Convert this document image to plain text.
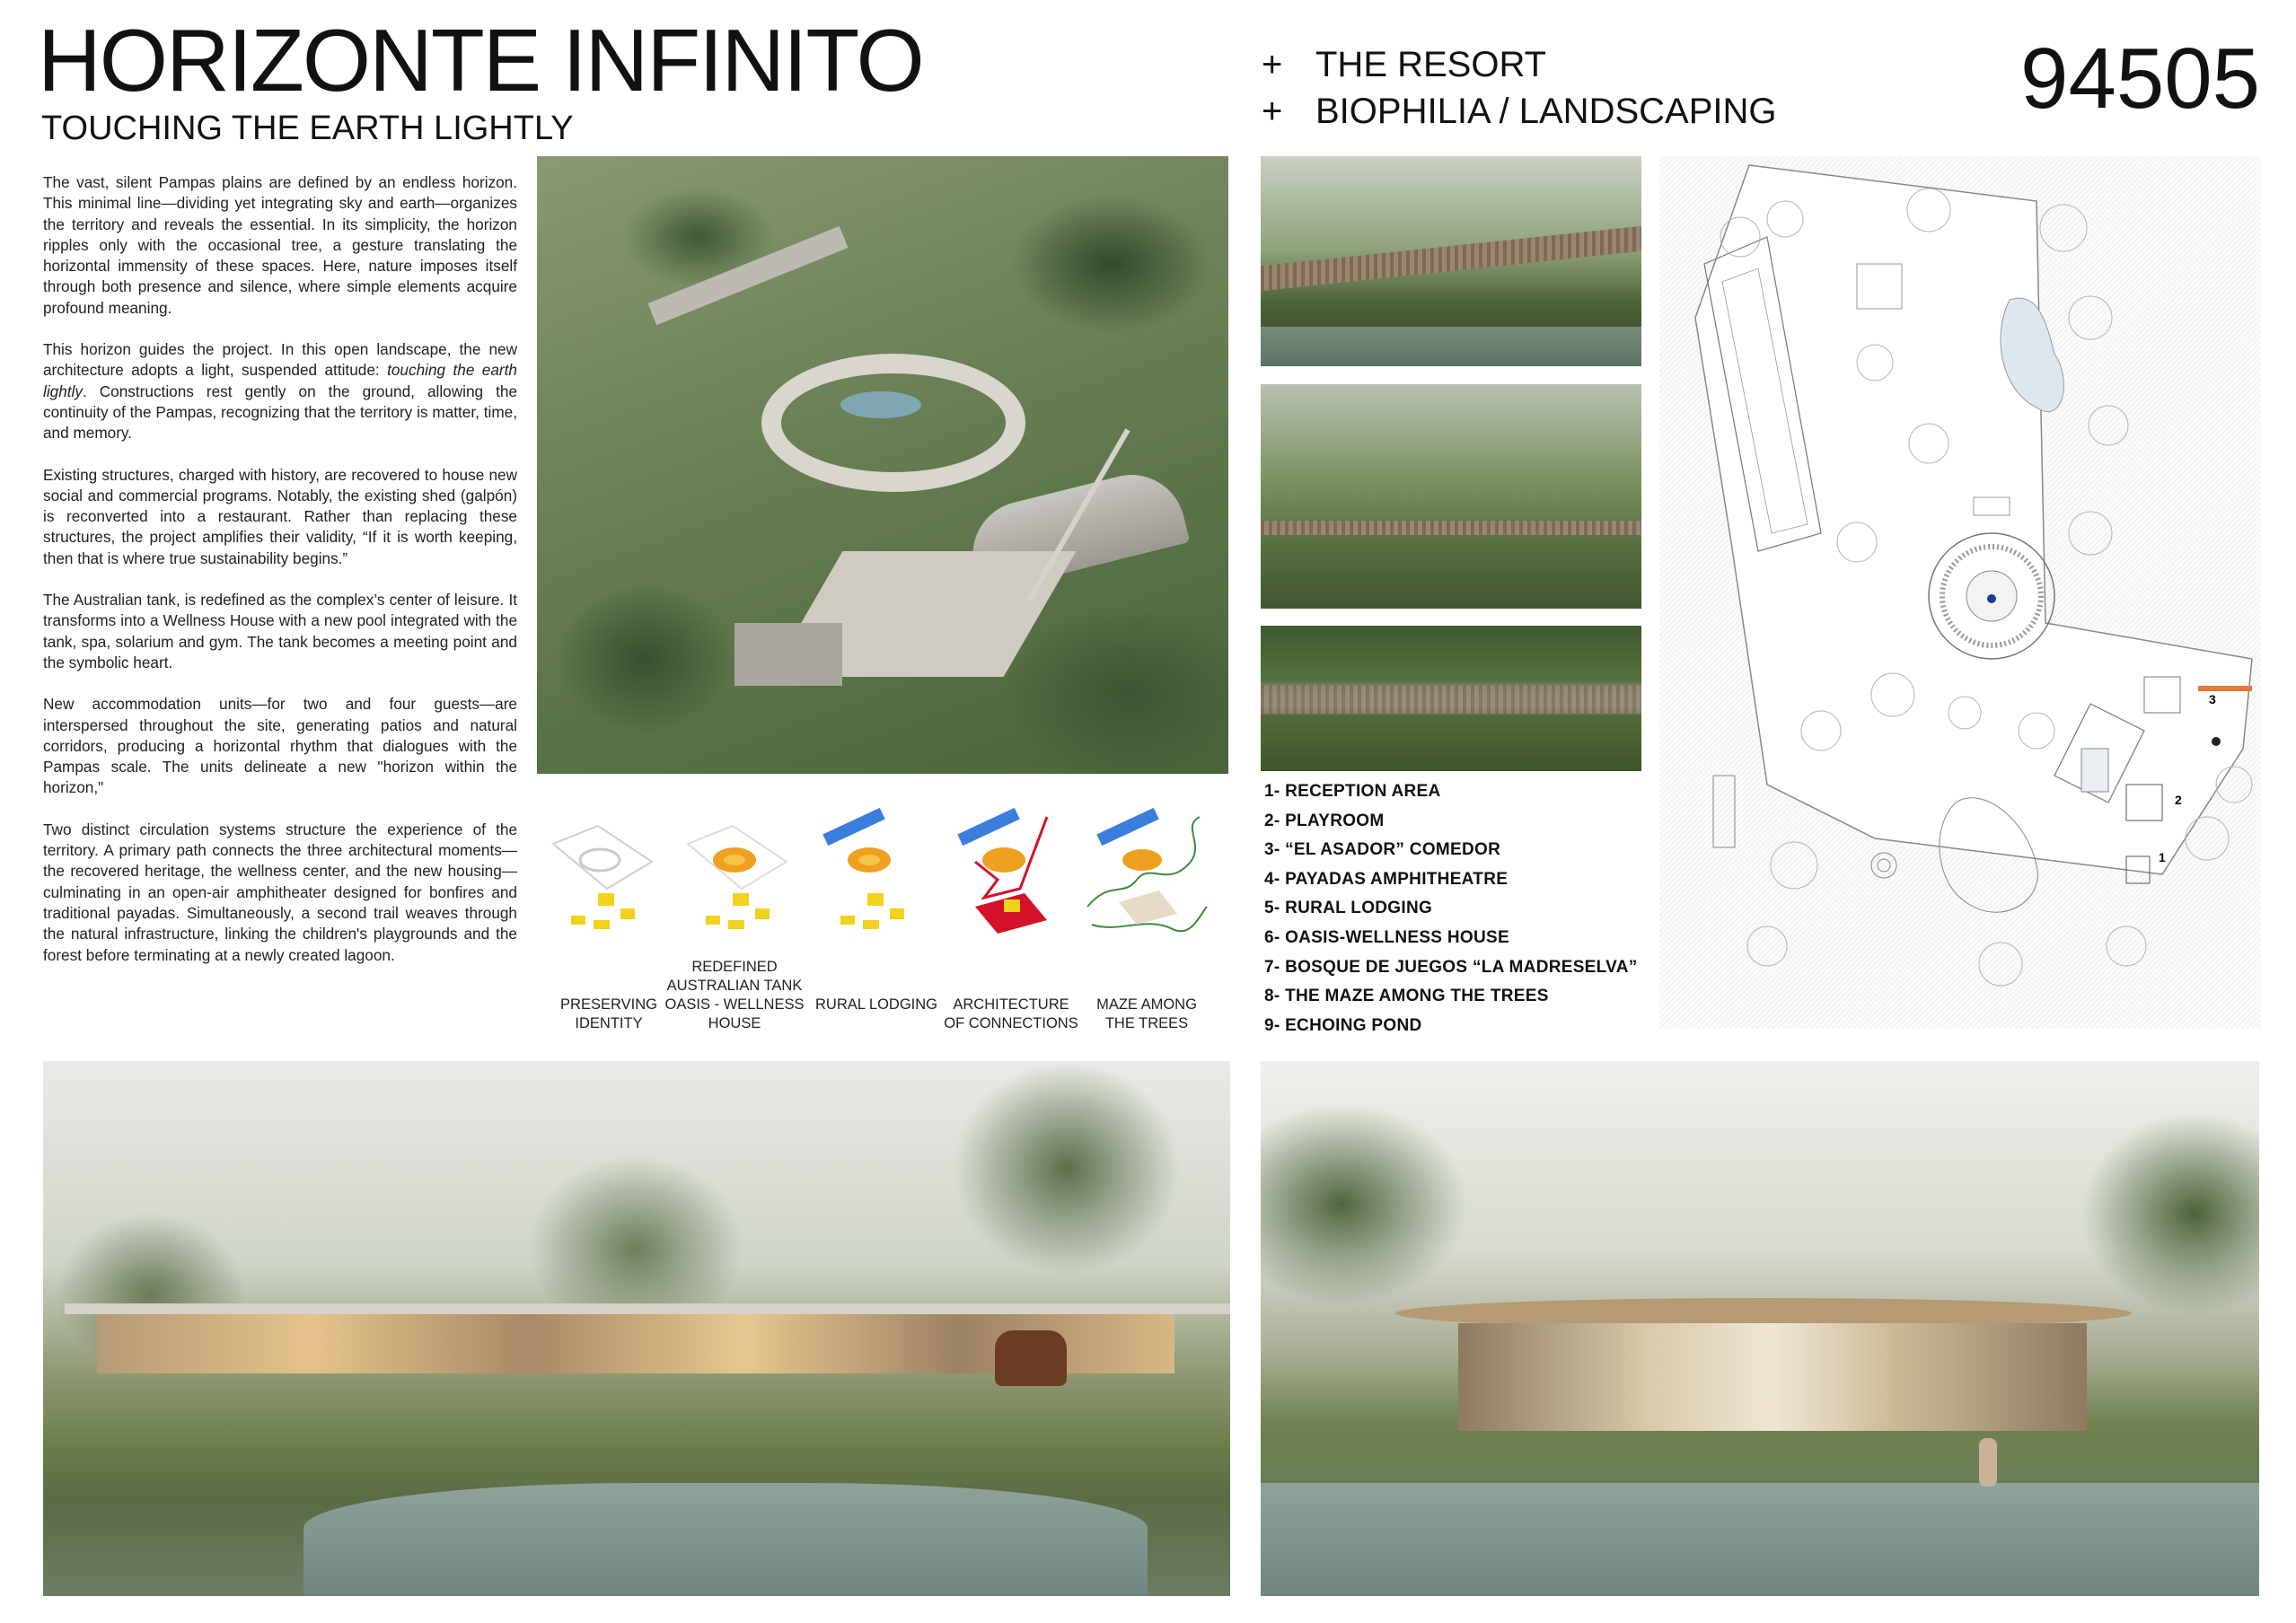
HORIZONTE INFINITO
TOUCHING THE EARTH LIGHTLY
+ THE RESORT
+ BIOPHILIA / LANDSCAPING	94505

The vast, silent Pampas plains are defined by an endless horizon. This minimal line—dividing yet integrating sky and earth—organizes the territory and reveals the essential. In its simplicity, the horizon ripples only with the occasional tree, a gesture translating the horizontal immensity of these spaces. Here, nature imposes itself through both presence and silence, where simple elements acquire profound meaning.

This horizon guides the project. In this open landscape, the new architecture adopts a light, suspended attitude: touching the earth lightly. Constructions rest gently on the ground, allowing the continuity of the Pampas, recognizing that the territory is matter, time, and memory.

Existing structures, charged with history, are recovered to house new social and commercial programs. Notably, the existing shed (galpón) is reconverted into a restaurant. Rather than replacing these structures, the project amplifies their validity, “If it is worth keeping, then that is where true sustainability begins.”

The Australian tank, is redefined as the complex’s center of leisure. It transforms into a Wellness House with a new pool integrated with the tank, spa, solarium and gym. The tank becomes a meeting point and the symbolic heart.

New accommodation units—for two and four guests—are interspersed throughout the site, generating patios and natural corridors, producing a horizontal rhythm that dialogues with the Pampas scale. The units delineate a new "horizon within the horizon,"

Two distinct circulation systems structure the experience of the territory. A primary path connects the three architectural moments—the recovered heritage, the wellness center, and the new housing—culminating in an open-air amphitheater designed for bonfires and traditional payadas. Simultaneously, a second trail weaves through the natural infrastructure, linking the children's playgrounds and the forest before terminating at a newly created lagoon.

PRESERVING
IDENTITY
REDEFINED
AUSTRALIAN TANK
OASIS - WELLNESS HOUSE
RURAL LODGING	ARCHITECTURE
OF CONNECTIONS
MAZE AMONG
THE TREES
1- RECEPTION AREA
2- PLAYROOM
3- “EL ASADOR” COMEDOR
4- PAYADAS AMPHITHEATRE
5- RURAL LODGING
6- OASIS-WELLNESS HOUSE
7- BOSQUE DE JUEGOS “LA MADRESELVA”
8- THE MAZE AMONG THE TREES
9- ECHOING POND
3
2
1
